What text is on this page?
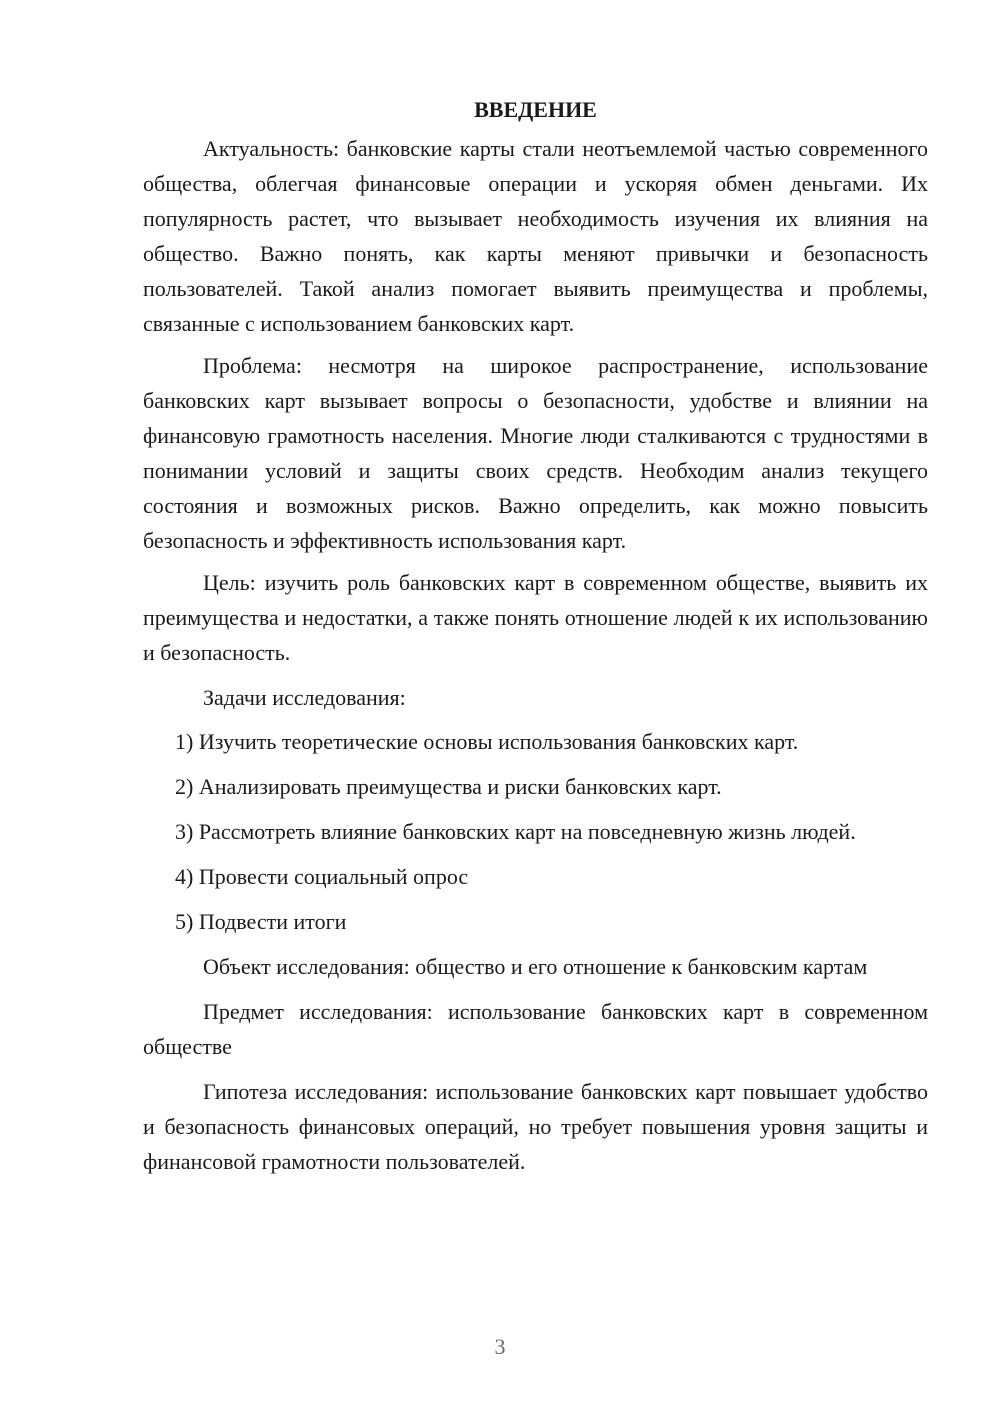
ВВЕДЕНИЕ

Актуальность: банковские карты стали неотъемлемой частью современного общества, облегчая финансовые операции и ускоряя обмен деньгами. Их популярность растет, что вызывает необходимость изучения их влияния на общество. Важно понять, как карты меняют привычки и безопасность пользователей. Такой анализ помогает выявить преимущества и проблемы, связанные с использованием банковских карт.

Проблема: несмотря на широкое распространение, использование банковских карт вызывает вопросы о безопасности, удобстве и влиянии на финансовую грамотность населения. Многие люди сталкиваются с трудностями в понимании условий и защиты своих средств. Необходим анализ текущего состояния и возможных рисков. Важно определить, как можно повысить безопасность и эффективность использования карт.

Цель: изучить роль банковских карт в современном обществе, выявить их преимущества и недостатки, а также понять отношение людей к их использованию и безопасность.

Задачи исследования:

1) Изучить теоретические основы использования банковских карт.

2) Анализировать преимущества и риски банковских карт.

3) Рассмотреть влияние банковских карт на повседневную жизнь людей.

4) Провести социальный опрос

5) Подвести итоги

Объект исследования: общество и его отношение к банковским картам

Предмет исследования: использование банковских карт в современном обществе

Гипотеза исследования: использование банковских карт повышает удобство и безопасность финансовых операций, но требует повышения уровня защиты и финансовой грамотности пользователей.

3
